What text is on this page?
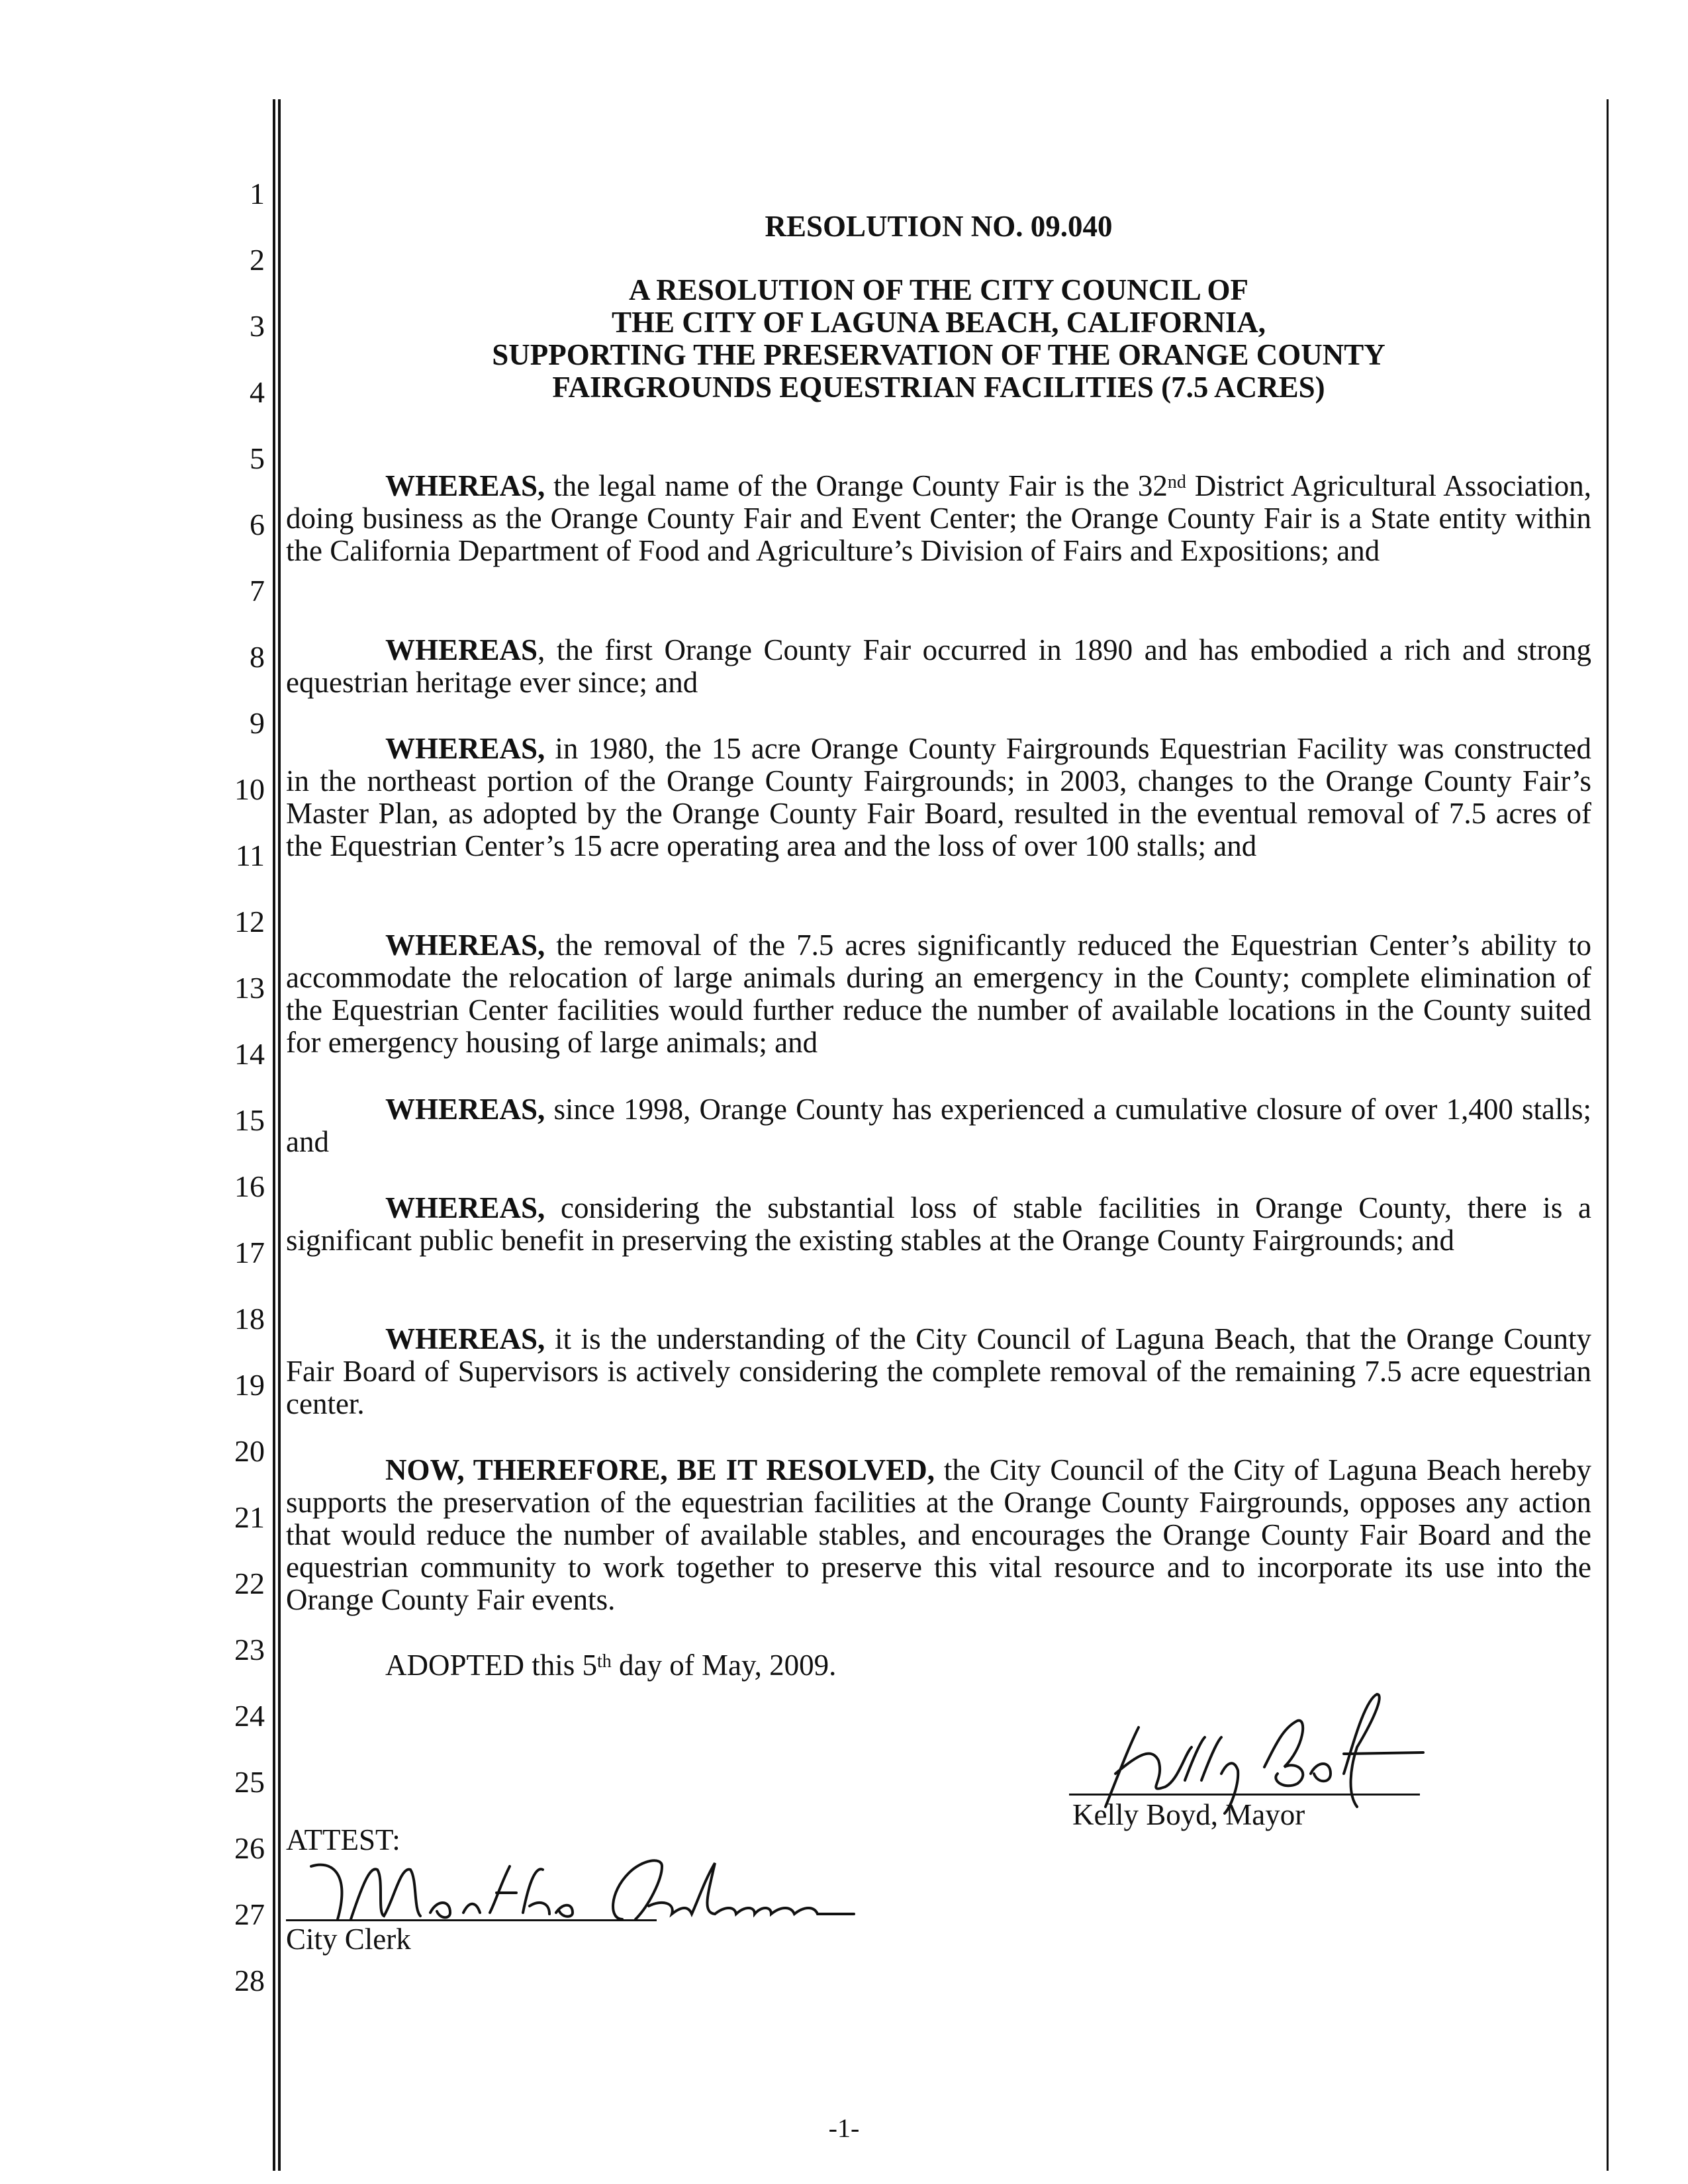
1
2
3
4
5
6
7
8
9
10
11
12
13
14
15
16
17
18
19
20
21
22
23
24
25
26
27
28
RESOLUTION NO. 09.040
A RESOLUTION OF THE CITY COUNCIL OF
THE CITY OF LAGUNA BEACH, CALIFORNIA,
SUPPORTING THE PRESERVATION OF THE ORANGE COUNTY
FAIRGROUNDS EQUESTRIAN FACILITIES (7.5 ACRES)
WHEREAS, the legal name of the Orange County Fair is the 32nd District Agricultural Association, doing business as the Orange County Fair and Event Center; the Orange County Fair is a State entity within the California Department of Food and Agriculture’s Division of Fairs and Expositions; and
WHEREAS, the first Orange County Fair occurred in 1890 and has embodied a rich and strong equestrian heritage ever since; and
WHEREAS, in 1980, the 15 acre Orange County Fairgrounds Equestrian Facility was constructed in the northeast portion of the Orange County Fairgrounds; in 2003, changes to the Orange County Fair’s Master Plan, as adopted by the Orange County Fair Board, resulted in the eventual removal of 7.5 acres of the Equestrian Center’s 15 acre operating area and the loss of over 100 stalls; and
WHEREAS, the removal of the 7.5 acres significantly reduced the Equestrian Center’s ability to accommodate the relocation of large animals during an emergency in the County; complete elimination of the Equestrian Center facilities would further reduce the number of available locations in the County suited for emergency housing of large animals; and
WHEREAS, since 1998, Orange County has experienced a cumulative closure of over 1,400 stalls; and
WHEREAS, considering the substantial loss of stable facilities in Orange County, there is a significant public benefit in preserving the existing stables at the Orange County Fairgrounds; and
WHEREAS, it is the understanding of the City Council of Laguna Beach, that the Orange County Fair Board of Supervisors is actively considering the complete removal of the remaining 7.5 acre equestrian center.
NOW, THEREFORE, BE IT RESOLVED, the City Council of the City of Laguna Beach hereby supports the preservation of the equestrian facilities at the Orange County Fairgrounds, opposes any action that would reduce the number of available stables, and encourages the Orange County Fair Board and the equestrian community to work together to preserve this vital resource and to incorporate its use into the Orange County Fair events.
ADOPTED this 5th day of May, 2009.
Kelly Boyd, Mayor
ATTEST:
City Clerk
-1-
